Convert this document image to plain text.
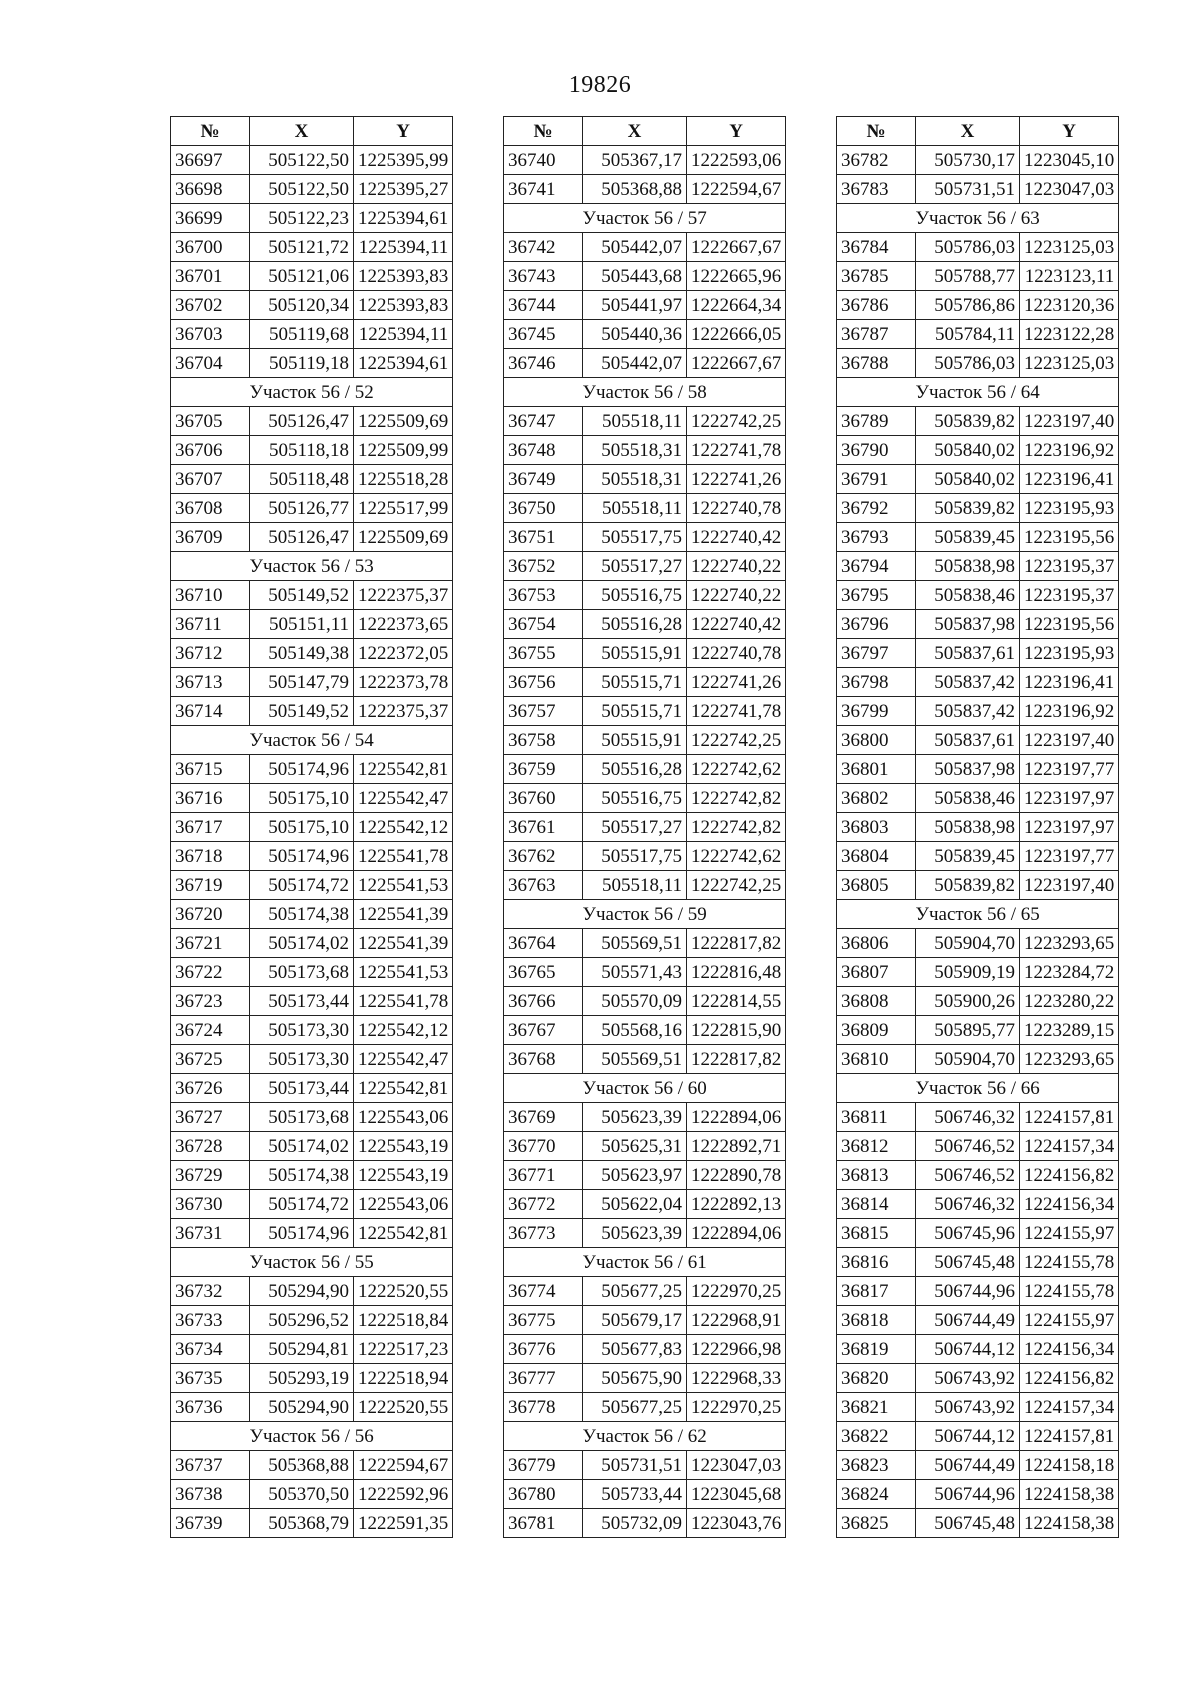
19826
№	X	Y
36697	505122,50	1225395,99
36698	505122,50	1225395,27
36699	505122,23	1225394,61
36700	505121,72	1225394,11
36701	505121,06	1225393,83
36702	505120,34	1225393,83
36703	505119,68	1225394,11
36704	505119,18	1225394,61
Участок 56 / 52		
36705	505126,47	1225509,69
36706	505118,18	1225509,99
36707	505118,48	1225518,28
36708	505126,77	1225517,99
36709	505126,47	1225509,69
Участок 56 / 53		
36710	505149,52	1222375,37
36711	505151,11	1222373,65
36712	505149,38	1222372,05
36713	505147,79	1222373,78
36714	505149,52	1222375,37
Участок 56 / 54		
36715	505174,96	1225542,81
36716	505175,10	1225542,47
36717	505175,10	1225542,12
36718	505174,96	1225541,78
36719	505174,72	1225541,53
36720	505174,38	1225541,39
36721	505174,02	1225541,39
36722	505173,68	1225541,53
36723	505173,44	1225541,78
36724	505173,30	1225542,12
36725	505173,30	1225542,47
36726	505173,44	1225542,81
36727	505173,68	1225543,06
36728	505174,02	1225543,19
36729	505174,38	1225543,19
36730	505174,72	1225543,06
36731	505174,96	1225542,81
Участок 56 / 55		
36732	505294,90	1222520,55
36733	505296,52	1222518,84
36734	505294,81	1222517,23
36735	505293,19	1222518,94
36736	505294,90	1222520,55
Участок 56 / 56		
36737	505368,88	1222594,67
36738	505370,50	1222592,96
36739	505368,79	1222591,35
№	X	Y
36740	505367,17	1222593,06
36741	505368,88	1222594,67
Участок 56 / 57		
36742	505442,07	1222667,67
36743	505443,68	1222665,96
36744	505441,97	1222664,34
36745	505440,36	1222666,05
36746	505442,07	1222667,67
Участок 56 / 58		
36747	505518,11	1222742,25
36748	505518,31	1222741,78
36749	505518,31	1222741,26
36750	505518,11	1222740,78
36751	505517,75	1222740,42
36752	505517,27	1222740,22
36753	505516,75	1222740,22
36754	505516,28	1222740,42
36755	505515,91	1222740,78
36756	505515,71	1222741,26
36757	505515,71	1222741,78
36758	505515,91	1222742,25
36759	505516,28	1222742,62
36760	505516,75	1222742,82
36761	505517,27	1222742,82
36762	505517,75	1222742,62
36763	505518,11	1222742,25
Участок 56 / 59		
36764	505569,51	1222817,82
36765	505571,43	1222816,48
36766	505570,09	1222814,55
36767	505568,16	1222815,90
36768	505569,51	1222817,82
Участок 56 / 60		
36769	505623,39	1222894,06
36770	505625,31	1222892,71
36771	505623,97	1222890,78
36772	505622,04	1222892,13
36773	505623,39	1222894,06
Участок 56 / 61		
36774	505677,25	1222970,25
36775	505679,17	1222968,91
36776	505677,83	1222966,98
36777	505675,90	1222968,33
36778	505677,25	1222970,25
Участок 56 / 62		
36779	505731,51	1223047,03
36780	505733,44	1223045,68
36781	505732,09	1223043,76
№	X	Y
36782	505730,17	1223045,10
36783	505731,51	1223047,03
Участок 56 / 63		
36784	505786,03	1223125,03
36785	505788,77	1223123,11
36786	505786,86	1223120,36
36787	505784,11	1223122,28
36788	505786,03	1223125,03
Участок 56 / 64		
36789	505839,82	1223197,40
36790	505840,02	1223196,92
36791	505840,02	1223196,41
36792	505839,82	1223195,93
36793	505839,45	1223195,56
36794	505838,98	1223195,37
36795	505838,46	1223195,37
36796	505837,98	1223195,56
36797	505837,61	1223195,93
36798	505837,42	1223196,41
36799	505837,42	1223196,92
36800	505837,61	1223197,40
36801	505837,98	1223197,77
36802	505838,46	1223197,97
36803	505838,98	1223197,97
36804	505839,45	1223197,77
36805	505839,82	1223197,40
Участок 56 / 65		
36806	505904,70	1223293,65
36807	505909,19	1223284,72
36808	505900,26	1223280,22
36809	505895,77	1223289,15
36810	505904,70	1223293,65
Участок 56 / 66		
36811	506746,32	1224157,81
36812	506746,52	1224157,34
36813	506746,52	1224156,82
36814	506746,32	1224156,34
36815	506745,96	1224155,97
36816	506745,48	1224155,78
36817	506744,96	1224155,78
36818	506744,49	1224155,97
36819	506744,12	1224156,34
36820	506743,92	1224156,82
36821	506743,92	1224157,34
36822	506744,12	1224157,81
36823	506744,49	1224158,18
36824	506744,96	1224158,38
36825	506745,48	1224158,38
